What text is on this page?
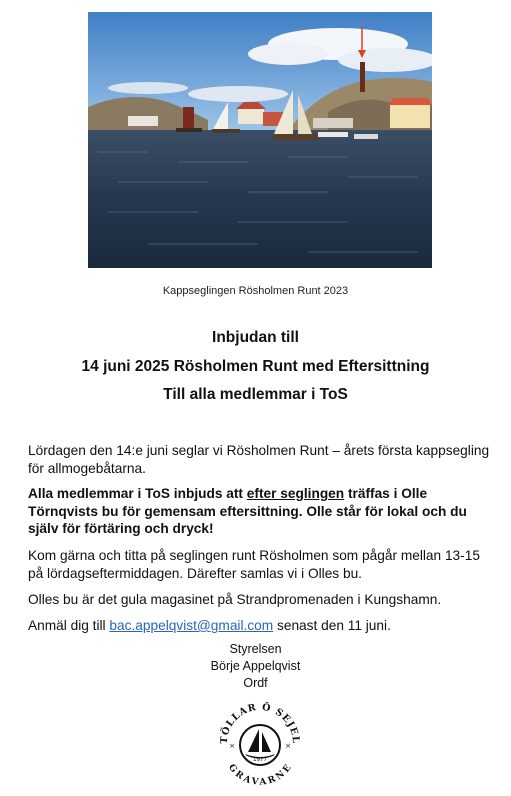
Kappseglingen Rösholmen Runt 2023
Inbjudan till
14 juni 2025 Rösholmen Runt med Eftersittning
Till alla medlemmar i ToS
Lördagen den 14:e juni seglar vi Rösholmen Runt – årets första kappsegling för allmogebåtarna.
Alla medlemmar i ToS inbjuds att efter seglingen träffas i Olle Törnqvists bu för gemensam eftersittning. Olle står för lokal och du själv för förtäring och dryck!
Kom gärna och titta på seglingen runt Rösholmen som pågår mellan 13-15 på lördagseftermiddagen. Därefter samlas vi i Olles bu.
Olles bu är det gula magasinet på Strandpromenaden i Kungshamn.
Anmäl dig till bac.appelqvist@gmail.com senast den 11 juni.
Styrelsen
Börje Appelqvist
Ordf
TÖLLAR Ô SEJEL
GRAVARNE
1977
×	×
